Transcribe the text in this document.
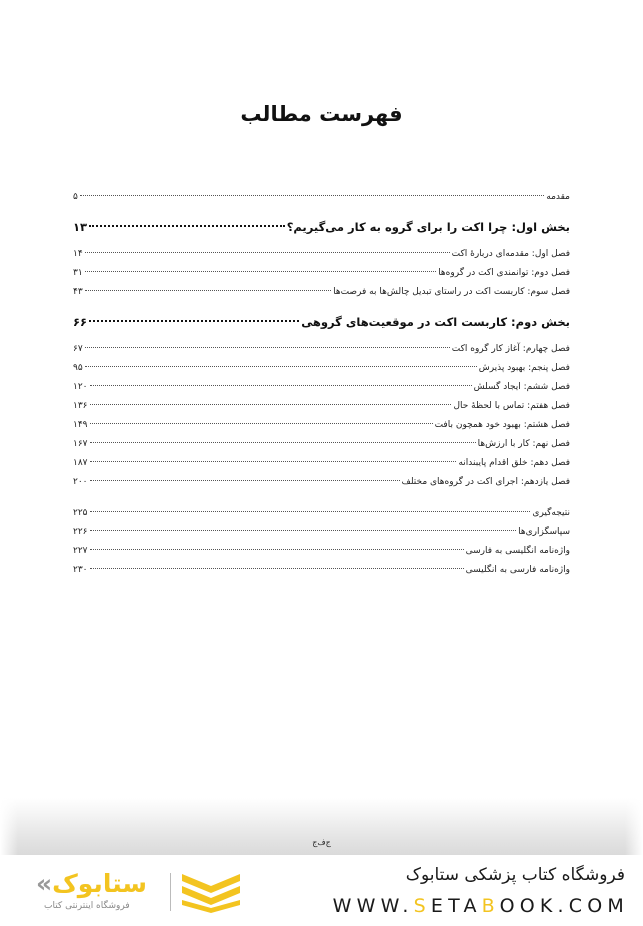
فهرست مطالب
مقدمه
۵
بخش اول: چرا اکت را برای گروه به کار می‌گیریم؟
۱۳
فصل اول: مقدمه‌ای دربارهٔ اکت
۱۴
فصل دوم: توانمندی اکت در گروه‌ها
۳۱
فصل سوم: کاربست اکت در راستای تبدیل چالش‌ها به فرصت‌ها
۴۳
بخش دوم: کاربست اکت در موقعیت‌های گروهی
۶۶
فصل چهارم: آغاز کار گروه اکت
۶۷
فصل پنجم: بهبود پذیرش
۹۵
فصل ششم: ایجاد گسلش
۱۲۰
فصل هفتم: تماس با لحظهٔ حال
۱۳۶
فصل هشتم: بهبود خود همچون بافت
۱۴۹
فصل نهم: کار با ارزش‌ها
۱۶۷
فصل دهم: خلق اقدام پایبندانه
۱۸۷
فصل یازدهم: اجرای اکت در گروه‌های مختلف
۲۰۰
نتیجه‌گیری
۲۲۵
سپاسگزاری‌ها
۲۲۶
واژه‌نامه انگلیسی به فارسی
۲۲۷
واژه‌نامه فارسی به انگلیسی
۲۳۰
ج‌ف‌ج
«ستابوک
فروشگاه اینترنتی کتاب
فروشگاه کتاب پزشکی ستابوک
WWW.SETABOOK.COM
